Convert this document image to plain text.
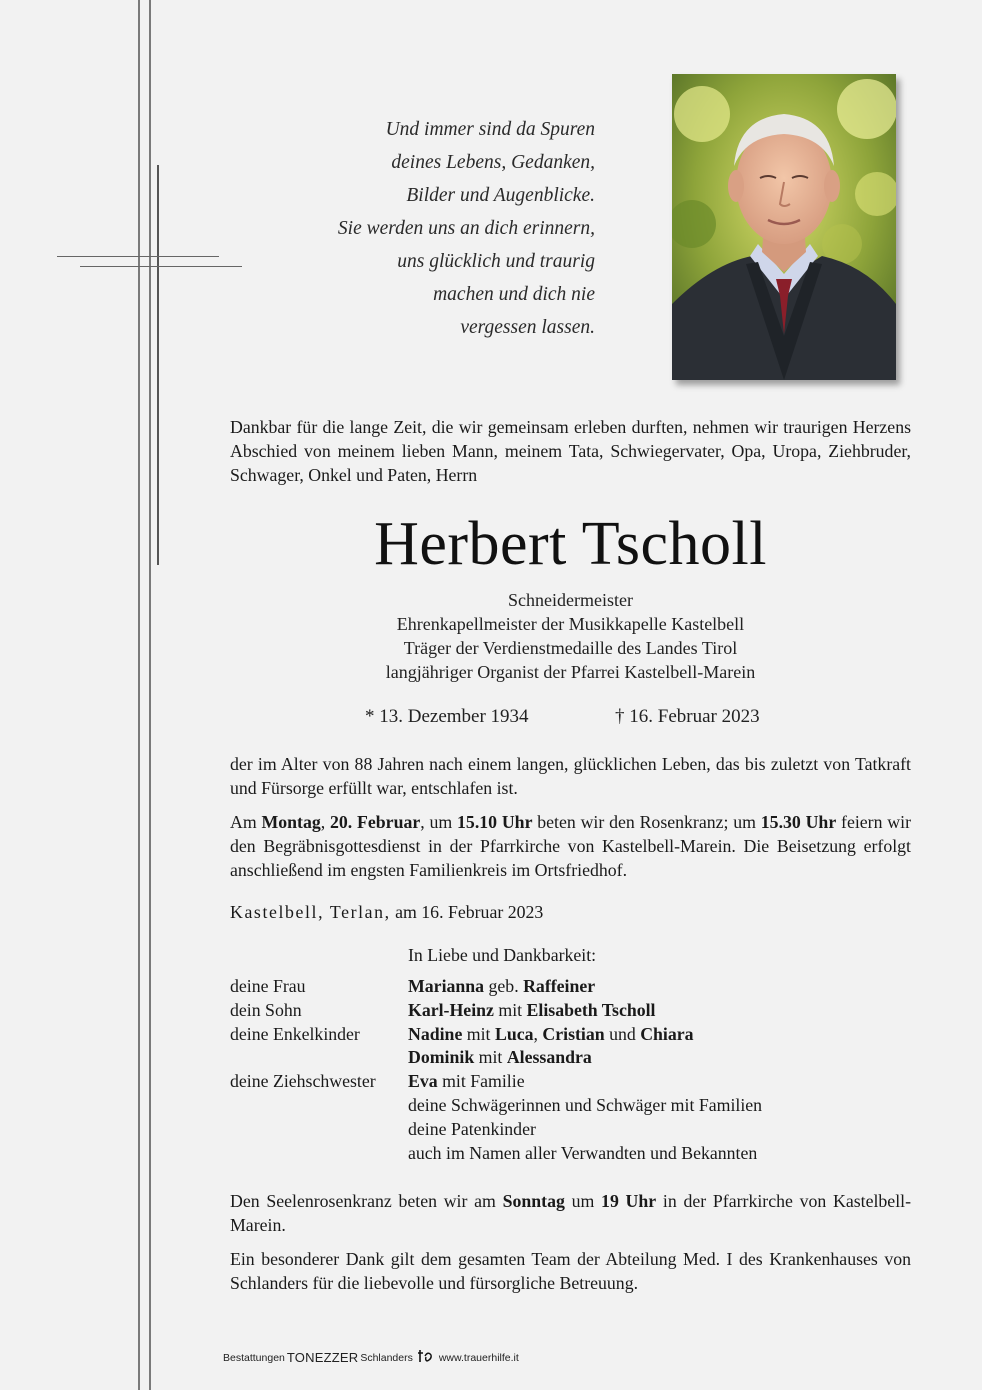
Und immer sind da Spuren
deines Lebens, Gedanken,
Bilder und Augenblicke.
Sie werden uns an dich erinnern,
uns glücklich und traurig
machen und dich nie
vergessen lassen.
Dankbar für die lange Zeit, die wir gemeinsam erleben durften, nehmen wir traurigen Herzens Abschied von meinem lieben Mann, meinem Tata, Schwiegervater, Opa, Uropa, Ziehbruder, Schwager, Onkel und Paten, Herrn
Herbert Tscholl
Schneidermeister
Ehrenkapellmeister der Musikkapelle Kastelbell
Träger der Verdienstmedaille des Landes Tirol
langjähriger Organist der Pfarrei Kastelbell-Marein
* 13. Dezember 1934	† 16. Februar 2023
der im Alter von 88 Jahren nach einem langen, glücklichen Leben, das bis zuletzt von Tatkraft und Fürsorge erfüllt war, entschlafen ist.
Am Montag, 20. Februar, um 15.10 Uhr beten wir den Rosenkranz; um 15.30 Uhr feiern wir den Begräbnisgottesdienst in der Pfarrkirche von Kastelbell-Marein. Die Beisetzung erfolgt anschließend im engsten Familienkreis im Ortsfriedhof.
Kastelbell, Terlan, am 16. Februar 2023
In Liebe und Dankbarkeit:
deine Frau	Marianna geb. Raffeiner
dein Sohn	Karl-Heinz mit Elisabeth Tscholl
deine Enkelkinder	Nadine mit Luca, Cristian und Chiara
Dominik mit Alessandra
deine Ziehschwester	Eva mit Familie
deine Schwägerinnen und Schwäger mit Familien
deine Patenkinder
auch im Namen aller Verwandten und Bekannten
Den Seelenrosenkranz beten wir am Sonntag um 19 Uhr in der Pfarrkirche von Kastelbell-Marein.
Ein besonderer Dank gilt dem gesamten Team der Abteilung Med. I des Krankenhauses von Schlanders für die liebevolle und fürsorgliche Betreuung.
Bestattungen TONEZZER Schlanders www.trauerhilfe.it
